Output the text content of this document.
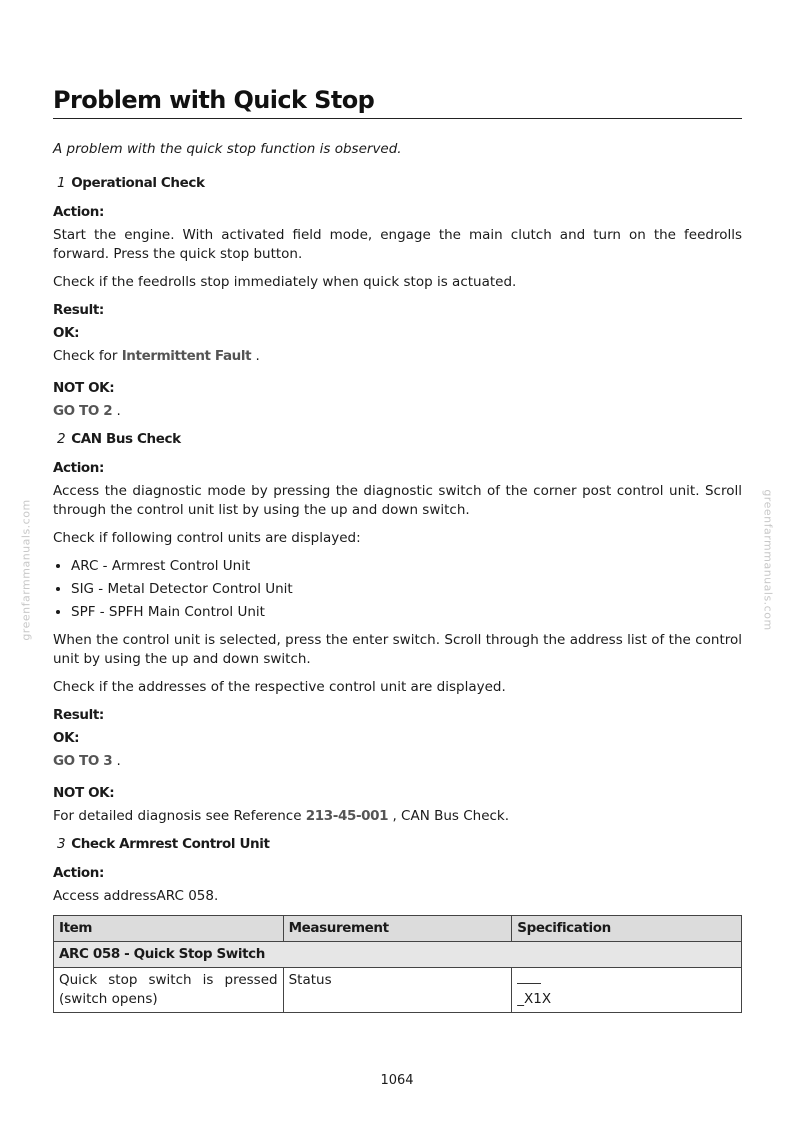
greenfarmmanuals.com	greenfarmmanuals.com
Problem with Quick Stop

A problem with the quick stop function is observed.

1 Operational Check

Action:

Start the engine. With activated field mode, engage the main clutch and turn on the feedrolls forward. Press the quick stop button.

Check if the feedrolls stop immediately when quick stop is actuated.

Result:

OK:

Check for Intermittent Fault .

NOT OK:

GO TO 2 .

2 CAN Bus Check

Action:

Access the diagnostic mode by pressing the diagnostic switch of the corner post control unit. Scroll through the control unit list by using the up and down switch.

Check if following control units are displayed:

• ARC - Armrest Control Unit
• SIG - Metal Detector Control Unit
• SPF - SPFH Main Control Unit

When the control unit is selected, press the enter switch. Scroll through the address list of the control unit by using the up and down switch.

Check if the addresses of the respective control unit are displayed.

Result:

OK:

GO TO 3 .

NOT OK:

For detailed diagnosis see Reference 213-45-001 , CAN Bus Check.

3 Check Armrest Control Unit

Action:

Access addressARC 058.

Item	Measurement	Specification
ARC 058 - Quick Stop Switch		
Quick stop switch is pressed (switch opens)	Status	_X1X
1064
